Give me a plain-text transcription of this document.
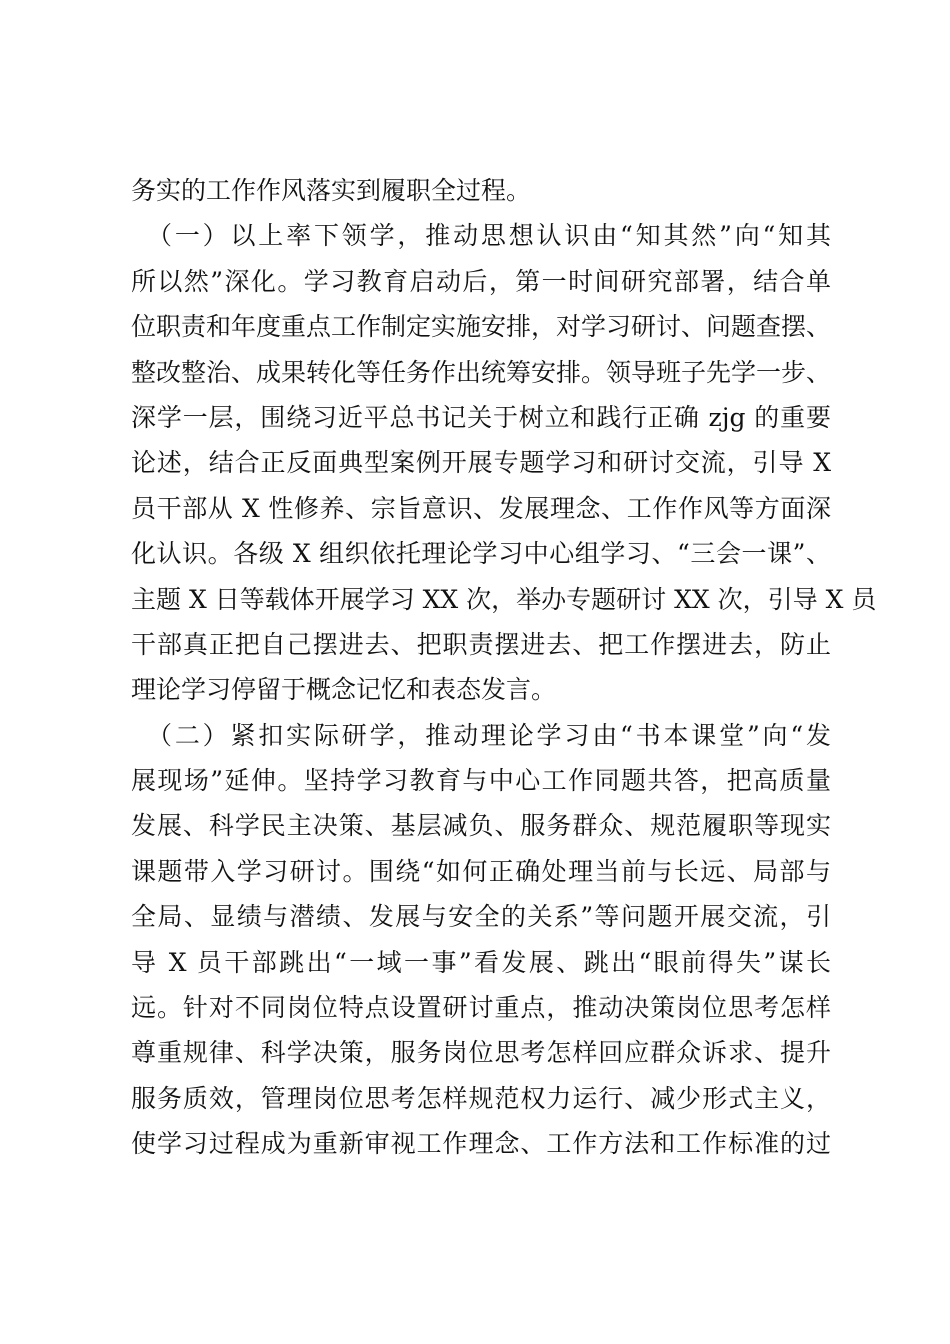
务实的工作作风落实到履职全过程。
（一）以上率下领学，推动思想认识由“知其然”向“知其
所以然”深化。学习教育启动后，第一时间研究部署，结合单
位职责和年度重点工作制定实施安排，对学习研讨、问题查摆、
整改整治、成果转化等任务作出统筹安排。领导班子先学一步、
深学一层，围绕习近平总书记关于树立和践行正确 zjg 的重要
论述，结合正反面典型案例开展专题学习和研讨交流，引导 X
员干部从 X 性修养、宗旨意识、发展理念、工作作风等方面深
化认识。各级 X 组织依托理论学习中心组学习、“三会一课”、
主题 X 日等载体开展学习 XX 次，举办专题研讨 XX 次，引导 X 员
干部真正把自己摆进去、把职责摆进去、把工作摆进去，防止
理论学习停留于概念记忆和表态发言。
（二）紧扣实际研学，推动理论学习由“书本课堂”向“发
展现场”延伸。坚持学习教育与中心工作同题共答，把高质量
发展、科学民主决策、基层减负、服务群众、规范履职等现实
课题带入学习研讨。围绕“如何正确处理当前与长远、局部与
全局、显绩与潜绩、发展与安全的关系”等问题开展交流，引
导 X 员干部跳出“一域一事”看发展、跳出“眼前得失”谋长
远。针对不同岗位特点设置研讨重点，推动决策岗位思考怎样
尊重规律、科学决策，服务岗位思考怎样回应群众诉求、提升
服务质效，管理岗位思考怎样规范权力运行、减少形式主义，
使学习过程成为重新审视工作理念、工作方法和工作标准的过
